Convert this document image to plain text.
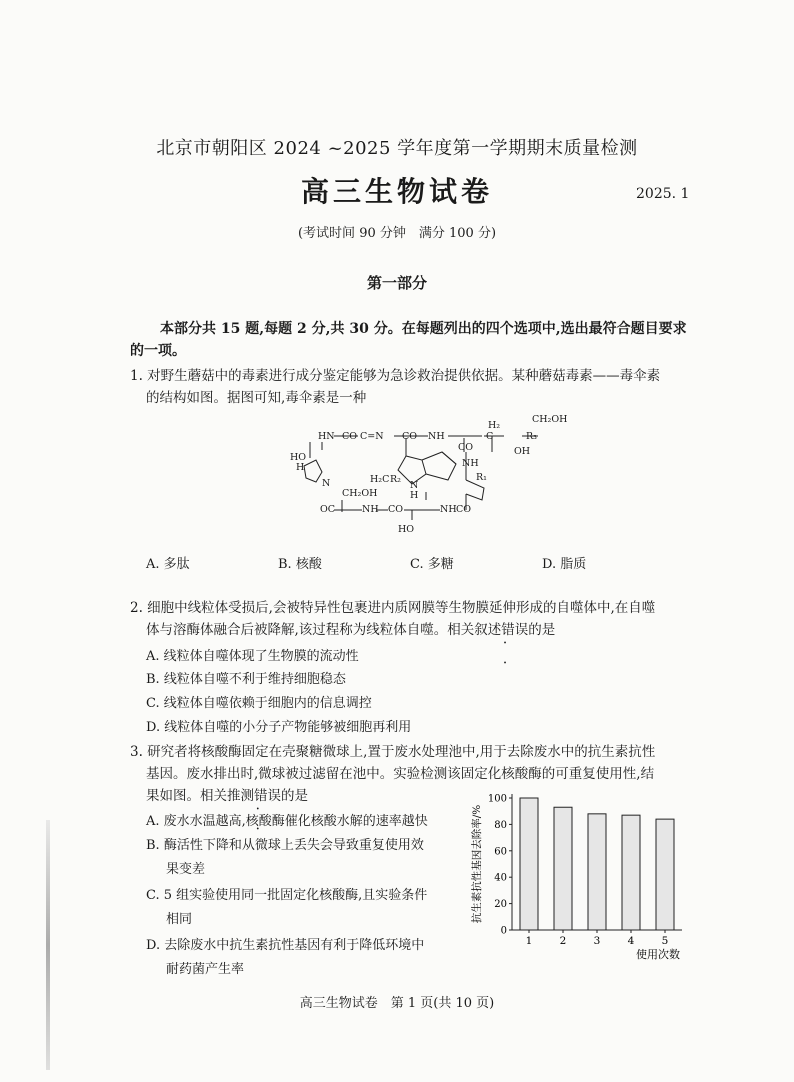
北京市朝阳区 2024 ~2025 学年度第一学期期末质量检测
高三生物试卷	2025. 1
(考试时间 90 分钟　满分 100 分)
第一部分
本部分共 15 题,每题 2 分,共 30 分。在每题列出的四个选项中,选出最符合题目要求
的一项。
1. 对野生蘑菇中的毒素进行成分鉴定能够为急诊救治提供依据。某种蘑菇毒素——毒伞素
的结构如图。据图可知,毒伞素是一种
HN	C=N CO NH	C
H₂
CH₂OH
R₃
OH
HO
H
N	H₂C R₂
CH₂OH
N
H
CO
NH
R₁
CO
NH
CO
HO
NH
CO
OC
A. 多肽	B. 核酸	C. 多糖	D. 脂质
2. 细胞中线粒体受损后,会被特异性包裹进内质网膜等生物膜延伸形成的自噬体中,在自噬
体与溶酶体融合后被降解,该过程称为线粒体自噬。相关叙述错误 • •的是
A. 线粒体自噬体现了生物膜的流动性
B. 线粒体自噬不利于维持细胞稳态
C. 线粒体自噬依赖于细胞内的信息调控
D. 线粒体自噬的小分子产物能够被细胞再利用
3. 研究者将核酸酶固定在壳聚糖微球上,置于废水处理池中,用于去除废水中的抗生素抗性
基因。废水排出时,微球被过滤留在池中。实验检测该固定化核酸酶的可重复使用性,结
果如图。相关推测错误 • •的是
A. 废水水温越高,核酸酶催化核酸水解的速率越快
B. 酶活性下降和从微球上丢失会导致重复使用效
果变差
C. 5 组实验使用同一批固定化核酸酶,且实验条件
相同
D. 去除废水中抗生素抗性基因有利于降低环境中
耐药菌产生率
抗生素抗性基因去除率/%
0
20
40
60
80
100
1	2	3	4	5
使用次数
高三生物试卷　第 1 页(共 10 页)
